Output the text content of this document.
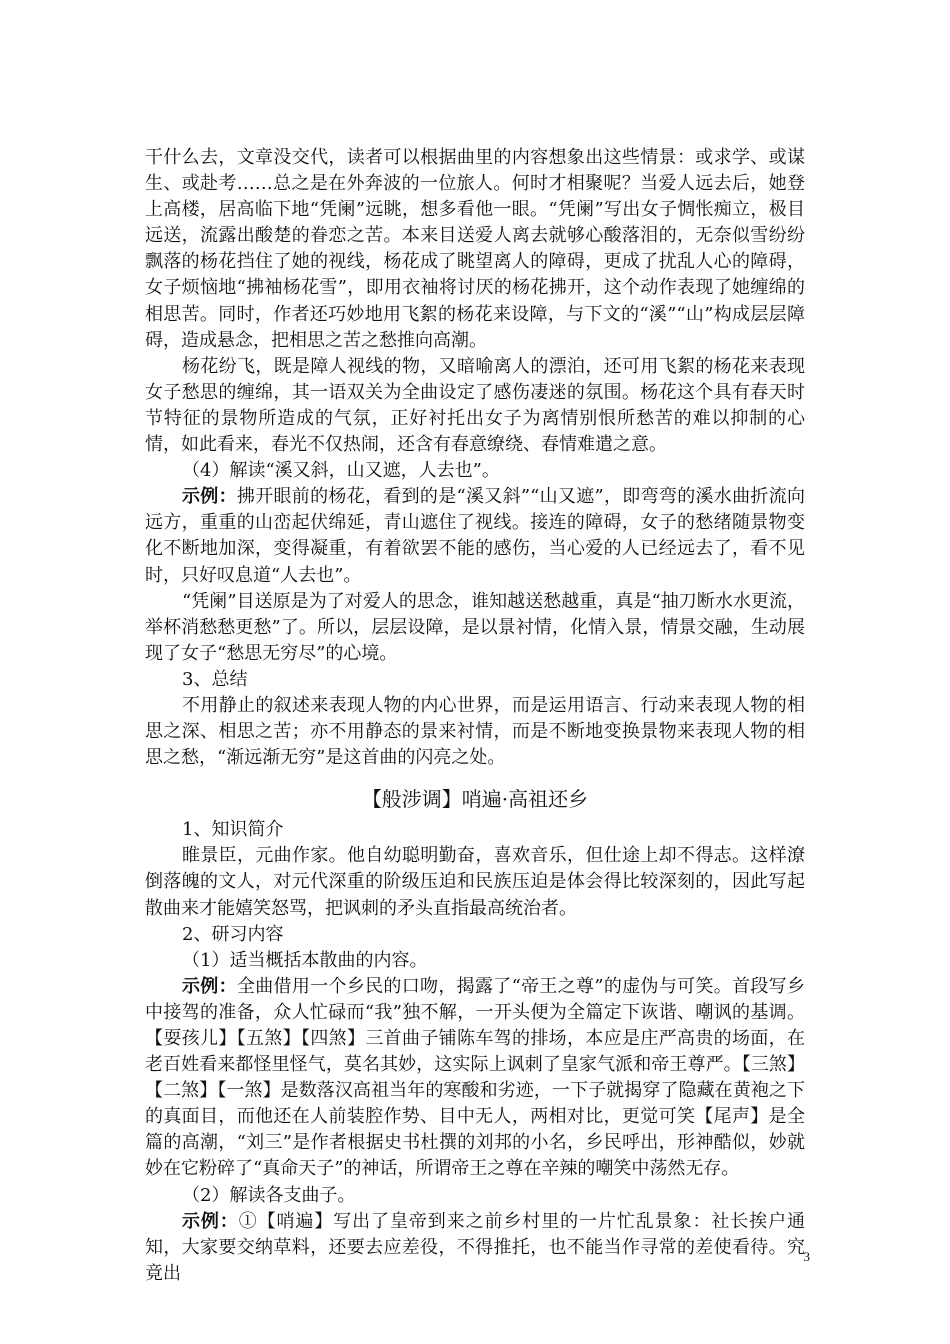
干什么去，文章没交代，读者可以根据曲里的内容想象出这些情景：或求学、或谋生、或赴考……总之是在外奔波的一位旅人。何时才相聚呢？当爱人远去后，她登上高楼，居高临下地“凭阑”远眺，想多看他一眼。“凭阑”写出女子惆怅痴立，极目远送，流露出酸楚的眷恋之苦。本来目送爱人离去就够心酸落泪的，无奈似雪纷纷飘落的杨花挡住了她的视线，杨花成了眺望离人的障碍，更成了扰乱人心的障碍，女子烦恼地“拂袖杨花雪”，即用衣袖将讨厌的杨花拂开，这个动作表现了她缠绵的相思苦。同时，作者还巧妙地用飞絮的杨花来设障，与下文的“溪”“山”构成层层障碍，造成悬念，把相思之苦之愁推向高潮。

杨花纷飞，既是障人视线的物，又暗喻离人的漂泊，还可用飞絮的杨花来表现女子愁思的缠绵，其一语双关为全曲设定了感伤凄迷的氛围。杨花这个具有春天时节特征的景物所造成的气氛，正好衬托出女子为离情别恨所愁苦的难以抑制的心情，如此看来，春光不仅热闹，还含有春意缭绕、春情难遣之意。

（4）解读“溪又斜，山又遮，人去也”。

示例：拂开眼前的杨花，看到的是“溪又斜”“山又遮”，即弯弯的溪水曲折流向远方，重重的山峦起伏绵延，青山遮住了视线。接连的障碍，女子的愁绪随景物变化不断地加深，变得凝重，有着欲罢不能的感伤，当心爱的人已经远去了，看不见时，只好叹息道“人去也”。

“凭阑”目送原是为了对爱人的思念，谁知越送愁越重，真是“抽刀断水水更流，举杯消愁愁更愁”了。所以，层层设障，是以景衬情，化情入景，情景交融，生动展现了女子“愁思无穷尽”的心境。

3、总结

不用静止的叙述来表现人物的内心世界，而是运用语言、行动来表现人物的相思之深、相思之苦；亦不用静态的景来衬情，而是不断地变换景物来表现人物的相思之愁，“渐远渐无穷”是这首曲的闪亮之处。

【般涉调】哨遍·高祖还乡

1、知识简介

睢景臣，元曲作家。他自幼聪明勤奋，喜欢音乐，但仕途上却不得志。这样潦倒落魄的文人，对元代深重的阶级压迫和民族压迫是体会得比较深刻的，因此写起散曲来才能嬉笑怒骂，把讽刺的矛头直指最高统治者。

2、研习内容

（1）适当概括本散曲的内容。

示例：全曲借用一个乡民的口吻，揭露了“帝王之尊”的虚伪与可笑。首段写乡中接驾的准备，众人忙碌而“我”独不解，一开头便为全篇定下诙谐、嘲讽的基调。【耍孩儿】【五煞】【四煞】三首曲子铺陈车驾的排场，本应是庄严高贵的场面，在老百姓看来都怪里怪气，莫名其妙，这实际上讽刺了皇家气派和帝王尊严。【三煞】【二煞】【一煞】是数落汉高祖当年的寒酸和劣迹，一下子就揭穿了隐藏在黄袍之下的真面目，而他还在人前装腔作势、目中无人，两相对比，更觉可笑【尾声】是全篇的高潮，“刘三”是作者根据史书杜撰的刘邦的小名，乡民呼出，形神酷似，妙就妙在它粉碎了“真命天子”的神话，所谓帝王之尊在辛辣的嘲笑中荡然无存。

（2）解读各支曲子。

示例：①【哨遍】写出了皇帝到来之前乡村里的一片忙乱景象：社长挨户通知，大家要交纳草料，还要去应差役，不得推托，也不能当作寻常的差使看待。究竟出

3
